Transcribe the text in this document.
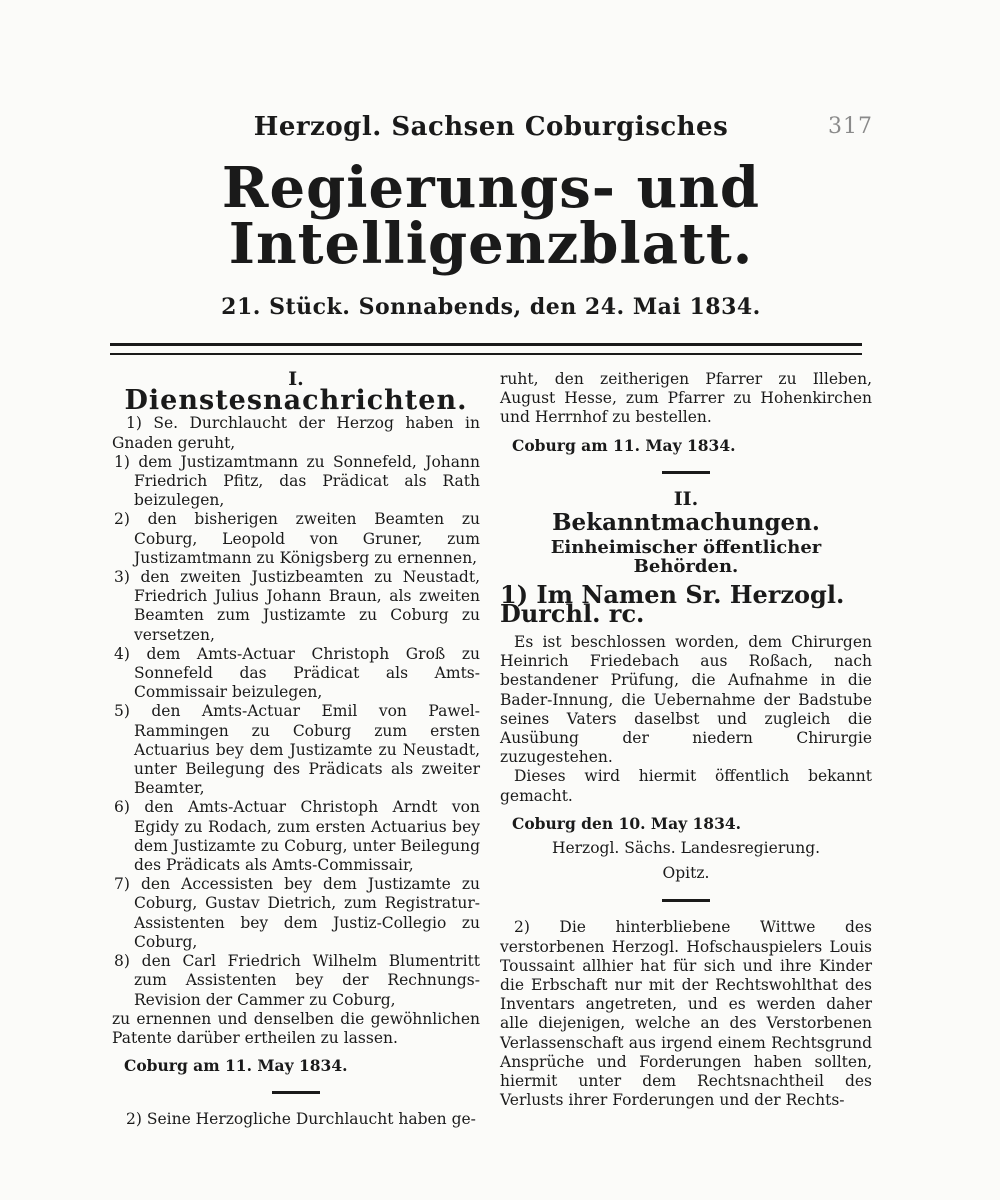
317
Herzogl. Sachsen Coburgisches
Regierungs- und Intelligenzblatt.
21. Stück. Sonnabends, den 24. Mai 1834.
I.
Dienstesnachrichten.

1) Se. Durchlaucht der Herzog haben in Gnaden geruht,

1) dem Justizamtmann zu Sonnefeld, Johann Friedrich Pfitz, das Prädicat als Rath beizulegen,

2) den bisherigen zweiten Beamten zu Coburg, Leopold von Gruner, zum Justizamtmann zu Königsberg zu ernennen,

3) den zweiten Justizbeamten zu Neustadt, Friedrich Julius Johann Braun, als zweiten Beamten zum Justizamte zu Coburg zu versetzen,

4) dem Amts-Actuar Christoph Groß zu Sonnefeld das Prädicat als Amts-Commissair beizulegen,

5) den Amts-Actuar Emil von Pawel-Rammingen zu Coburg zum ersten Actuarius bey dem Justizamte zu Neustadt, unter Beilegung des Prädicats als zweiter Beamter,

6) den Amts-Actuar Christoph Arndt von Egidy zu Rodach, zum ersten Actuarius bey dem Justizamte zu Coburg, unter Beilegung des Prädicats als Amts-Commissair,

7) den Accessisten bey dem Justizamte zu Coburg, Gustav Dietrich, zum Registratur-Assistenten bey dem Justiz-Collegio zu Coburg,

8) den Carl Friedrich Wilhelm Blumentritt zum Assistenten bey der Rechnungs-Revision der Cammer zu Coburg,

zu ernennen und denselben die gewöhnlichen Patente darüber ertheilen zu lassen.

Coburg am 11. May 1834.

2) Seine Herzogliche Durchlaucht haben ge-

ruht, den zeitherigen Pfarrer zu Illeben, August Hesse, zum Pfarrer zu Hohenkirchen und Herrnhof zu bestellen.

Coburg am 11. May 1834.
II.
Bekanntmachungen.
Einheimischer öffentlicher Behörden.
1) Im Namen Sr. Herzogl. Durchl. rc.

Es ist beschlossen worden, dem Chirurgen Heinrich Friedebach aus Roßach, nach bestandener Prüfung, die Aufnahme in die Bader-Innung, die Uebernahme der Badstube seines Vaters daselbst und zugleich die Ausübung der niedern Chirurgie zuzugestehen.

Dieses wird hiermit öffentlich bekannt gemacht.

Coburg den 10. May 1834.
Herzogl. Sächs. Landesregierung.
Opitz.

2) Die hinterbliebene Wittwe des verstorbenen Herzogl. Hofschauspielers Louis Toussaint allhier hat für sich und ihre Kinder die Erbschaft nur mit der Rechtswohlthat des Inventars angetreten, und es werden daher alle diejenigen, welche an des Verstorbenen Verlassenschaft aus irgend einem Rechtsgrund Ansprüche und Forderungen haben sollten, hiermit unter dem Rechtsnachtheil des Verlusts ihrer Forderungen und der Rechts-
